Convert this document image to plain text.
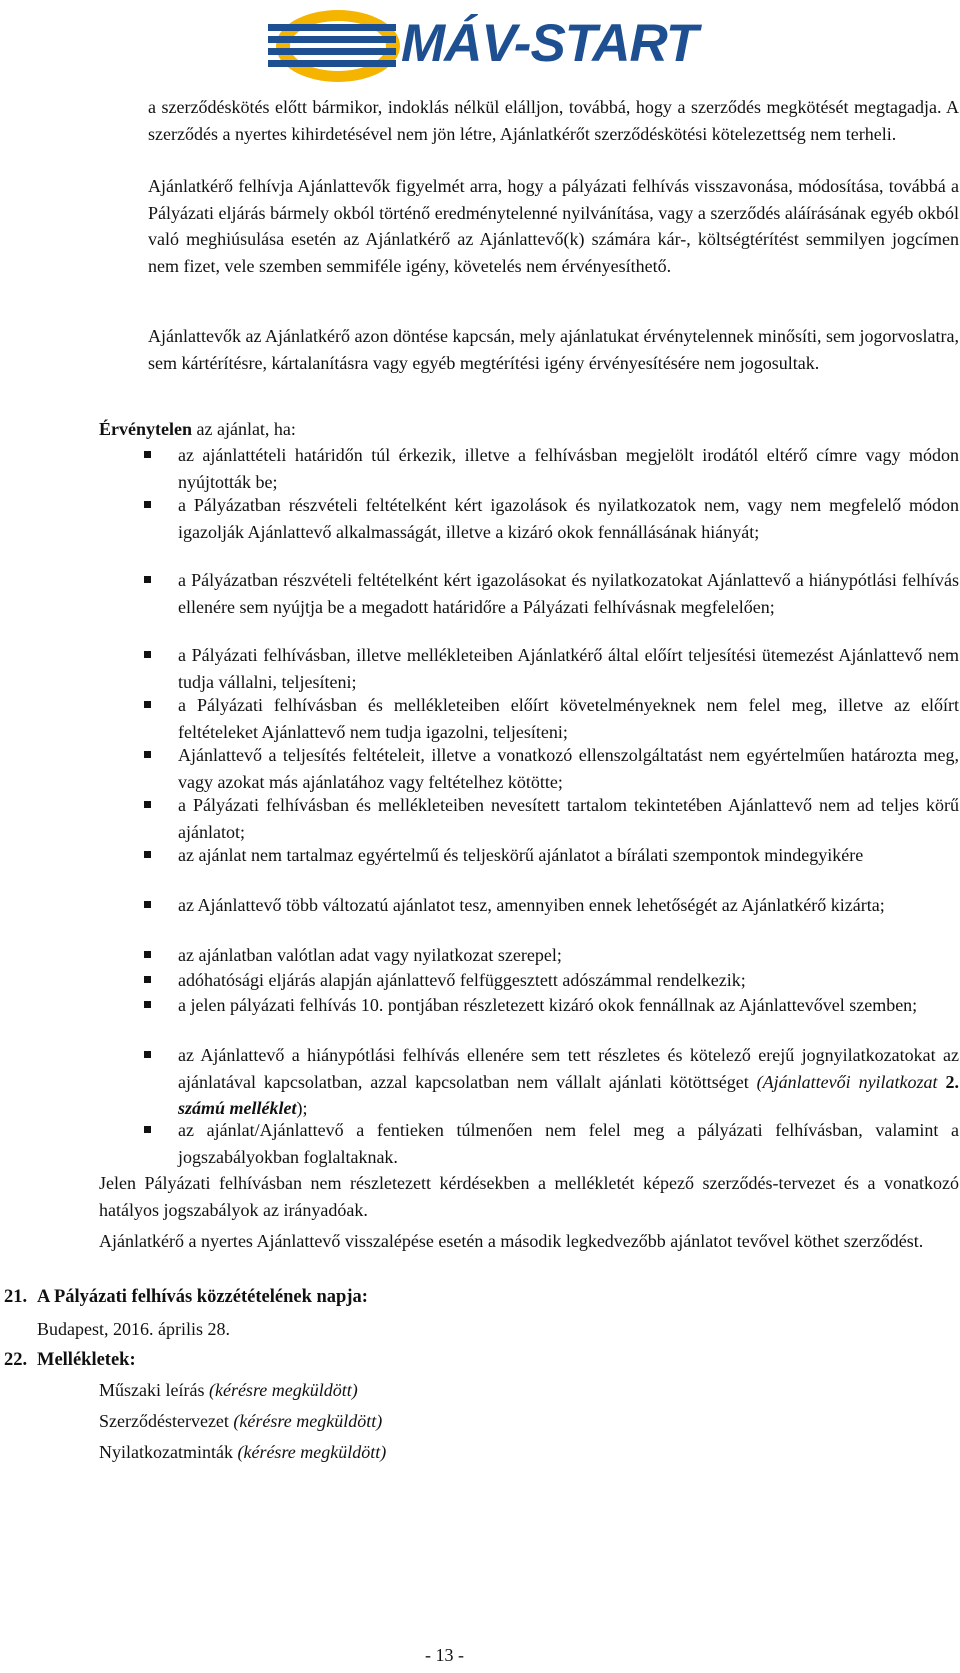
MÁV-START

a szerződéskötés előtt bármikor, indoklás nélkül elálljon, továbbá, hogy a szerződés megkötését megtagadja. A szerződés a nyertes kihirdetésével nem jön létre, Ajánlatkérőt szerződéskötési kötelezettség nem terheli.

Ajánlatkérő felhívja Ajánlattevők figyelmét arra, hogy a pályázati felhívás visszavonása, módosítása, továbbá a Pályázati eljárás bármely okból történő eredménytelenné nyilvánítása, vagy a szerződés aláírásának egyéb okból való meghiúsulása esetén az Ajánlatkérő az Ajánlattevő(k) számára kár-, költségtérítést semmilyen jogcímen nem fizet, vele szemben semmiféle igény, követelés nem érvényesíthető.

Ajánlattevők az Ajánlatkérő azon döntése kapcsán, mely ajánlatukat érvénytelennek minősíti, sem jogorvoslatra, sem kártérítésre, kártalanításra vagy egyéb megtérítési igény érvényesítésére nem jogosultak.

Érvénytelen az ajánlat, ha:
az ajánlattételi határidőn túl érkezik, illetve a felhívásban megjelölt irodától eltérő címre vagy módon nyújtották be;
a Pályázatban részvételi feltételként kért igazolások és nyilatkozatok nem, vagy nem megfelelő módon igazolják Ajánlattevő alkalmasságát, illetve a kizáró okok fennállásának hiányát;
a Pályázatban részvételi feltételként kért igazolásokat és nyilatkozatokat Ajánlattevő a hiánypótlási felhívás ellenére sem nyújtja be a megadott határidőre a Pályázati felhívásnak megfelelően;
a Pályázati felhívásban, illetve mellékleteiben Ajánlatkérő által előírt teljesítési ütemezést Ajánlattevő nem tudja vállalni, teljesíteni;
a Pályázati felhívásban és mellékleteiben előírt követelményeknek nem felel meg, illetve az előírt feltételeket Ajánlattevő nem tudja igazolni, teljesíteni;
Ajánlattevő a teljesítés feltételeit, illetve a vonatkozó ellenszolgáltatást nem egyértelműen határozta meg, vagy azokat más ajánlatához vagy feltételhez kötötte;
a Pályázati felhívásban és mellékleteiben nevesített tartalom tekintetében Ajánlattevő nem ad teljes körű ajánlatot;
az ajánlat nem tartalmaz egyértelmű és teljeskörű ajánlatot a bírálati szempontok mindegyikére
az Ajánlattevő több változatú ajánlatot tesz, amennyiben ennek lehetőségét az Ajánlatkérő kizárta;
az ajánlatban valótlan adat vagy nyilatkozat szerepel;
adóhatósági eljárás alapján ajánlattevő felfüggesztett adószámmal rendelkezik;
a jelen pályázati felhívás 10. pontjában részletezett kizáró okok fennállnak az Ajánlattevővel szemben;
az Ajánlattevő a hiánypótlási felhívás ellenére sem tett részletes és kötelező erejű jognyilatkozatokat az ajánlatával kapcsolatban, azzal kapcsolatban nem vállalt ajánlati kötöttséget (Ajánlattevői nyilatkozat 2. számú melléklet);
az ajánlat/Ajánlattevő a fentieken túlmenően nem felel meg a pályázati felhívásban, valamint a jogszabályokban foglaltaknak.

Jelen Pályázati felhívásban nem részletezett kérdésekben a mellékletét képező szerződés-tervezet és a vonatkozó hatályos jogszabályok az irányadóak.

Ajánlatkérő a nyertes Ajánlattevő visszalépése esetén a második legkedvezőbb ajánlatot tevővel köthet szerződést.

21. A Pályázati felhívás közzétételének napja:
Budapest, 2016. április 28.
22. Mellékletek:
Műszaki leírás (kérésre megküldött)
Szerződéstervezet (kérésre megküldött)
Nyilatkozatminták (kérésre megküldött)
- 13 -
